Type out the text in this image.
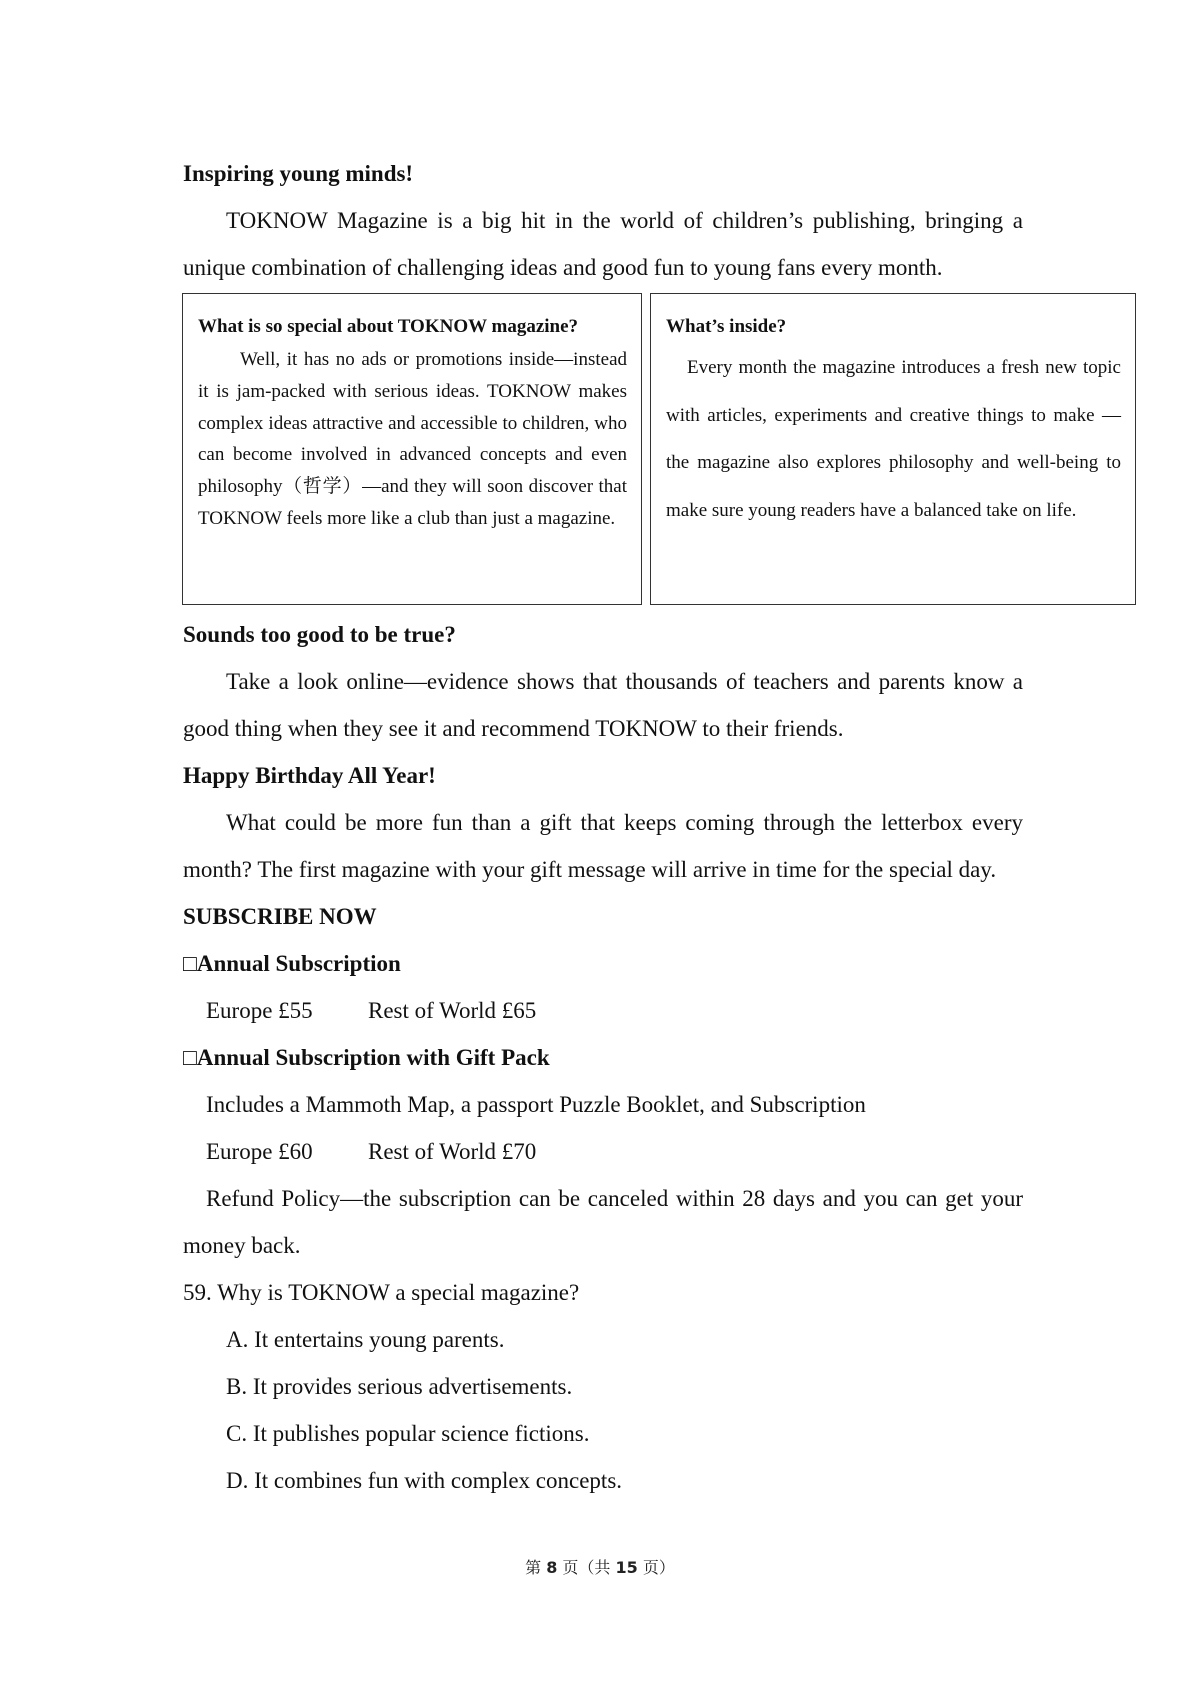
Inspiring young minds!

TOKNOW Magazine is a big hit in the world of children’s publishing, bringing a unique combination of challenging ideas and good fun to young fans every month.

What is so special about TOKNOW magazine?

Well, it has no ads or promotions inside—instead it is jam-packed with serious ideas. TOKNOW makes complex ideas attractive and accessible to children, who can become involved in advanced concepts and even philosophy（哲学）—and they will soon discover that TOKNOW feels more like a club than just a magazine.

What’s inside?

Every month the magazine introduces a fresh new topic with articles, experiments and creative things to make — the magazine also explores philosophy and well-being to make sure young readers have a balanced take on life.

Sounds too good to be true?

Take a look online—evidence shows that thousands of teachers and parents know a good thing when they see it and recommend TOKNOW to their friends.

Happy Birthday All Year!

What could be more fun than a gift that keeps coming through the letterbox every month? The first magazine with your gift message will arrive in time for the special day.

SUBSCRIBE NOW

□Annual Subscription

Europe £55 Rest of World £65

□Annual Subscription with Gift Pack

Includes a Mammoth Map, a passport Puzzle Booklet, and Subscription

Europe £60 Rest of World £70

Refund Policy—the subscription can be canceled within 28 days and you can get your money back.

59. Why is TOKNOW a special magazine?

A. It entertains young parents.

B. It provides serious advertisements.

C. It publishes popular science fictions.

D. It combines fun with complex concepts.

第 8 页（共 15 页）
